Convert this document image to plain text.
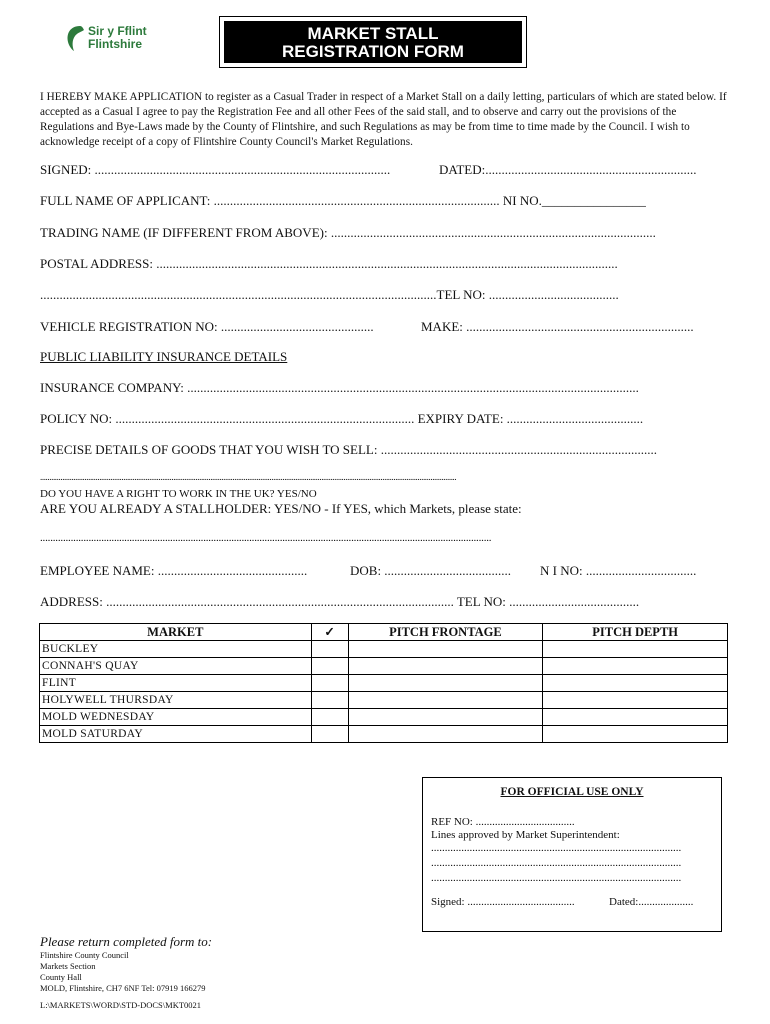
Sir y Fflint
Flintshire
MARKET STALL
REGISTRATION FORM
I HEREBY MAKE APPLICATION to register as a Casual Trader in respect of a Market Stall on a daily letting, particulars of which are stated below. If accepted as a Casual I agree to pay the Registration Fee and all other Fees of the said stall, and to observe and carry out the provisions of the Regulations and Bye-Laws made by the County of Flintshire, and such Regulations as may be from time to time made by the Council. I wish to acknowledge receipt of a copy of Flintshire County Council's Market Regulations.
SIGNED: ...........................................................................................	DATED:.................................................................
FULL NAME OF APPLICANT: ........................................................................................ NI NO.________________
TRADING NAME (IF DIFFERENT FROM ABOVE): ....................................................................................................
POSTAL ADDRESS: ..............................................................................................................................................
..........................................................................................................................TEL NO: ........................................
VEHICLE REGISTRATION NO: ...............................................	MAKE: ......................................................................
PUBLIC LIABILITY INSURANCE DETAILS
INSURANCE COMPANY: ...........................................................................................................................................
POLICY NO: ............................................................................................ EXPIRY DATE: ..........................................
PRECISE DETAILS OF GOODS THAT YOU WISH TO SELL: .....................................................................................
.................................................................................................................................................................................................................................
DO YOU HAVE A RIGHT TO WORK IN THE UK? YES/NO
ARE YOU ALREADY A STALLHOLDER: YES/NO - If YES, which Markets, please state:
.................................................................................................................................................................................
EMPLOYEE NAME: ..............................................	DOB: ....................................... N I NO: ..................................
ADDRESS: ........................................................................................................... TEL NO: ........................................
MARKET	✓	PITCH FRONTAGE	PITCH DEPTH
BUCKLEY			
CONNAH'S QUAY			
FLINT			
HOLYWELL THURSDAY			
MOLD WEDNESDAY			
MOLD SATURDAY			
FOR OFFICIAL USE ONLY
REF NO: ....................................
Lines approved by Market Superintendent:
...........................................................................................
...........................................................................................
...........................................................................................
Signed: .......................................	Dated:....................
Please return completed form to:
Flintshire County Council
Markets Section
County Hall
MOLD, Flintshire, CH7 6NF Tel: 07919 166279
L:\MARKETS\WORD\STD-DOCS\MKT0021
